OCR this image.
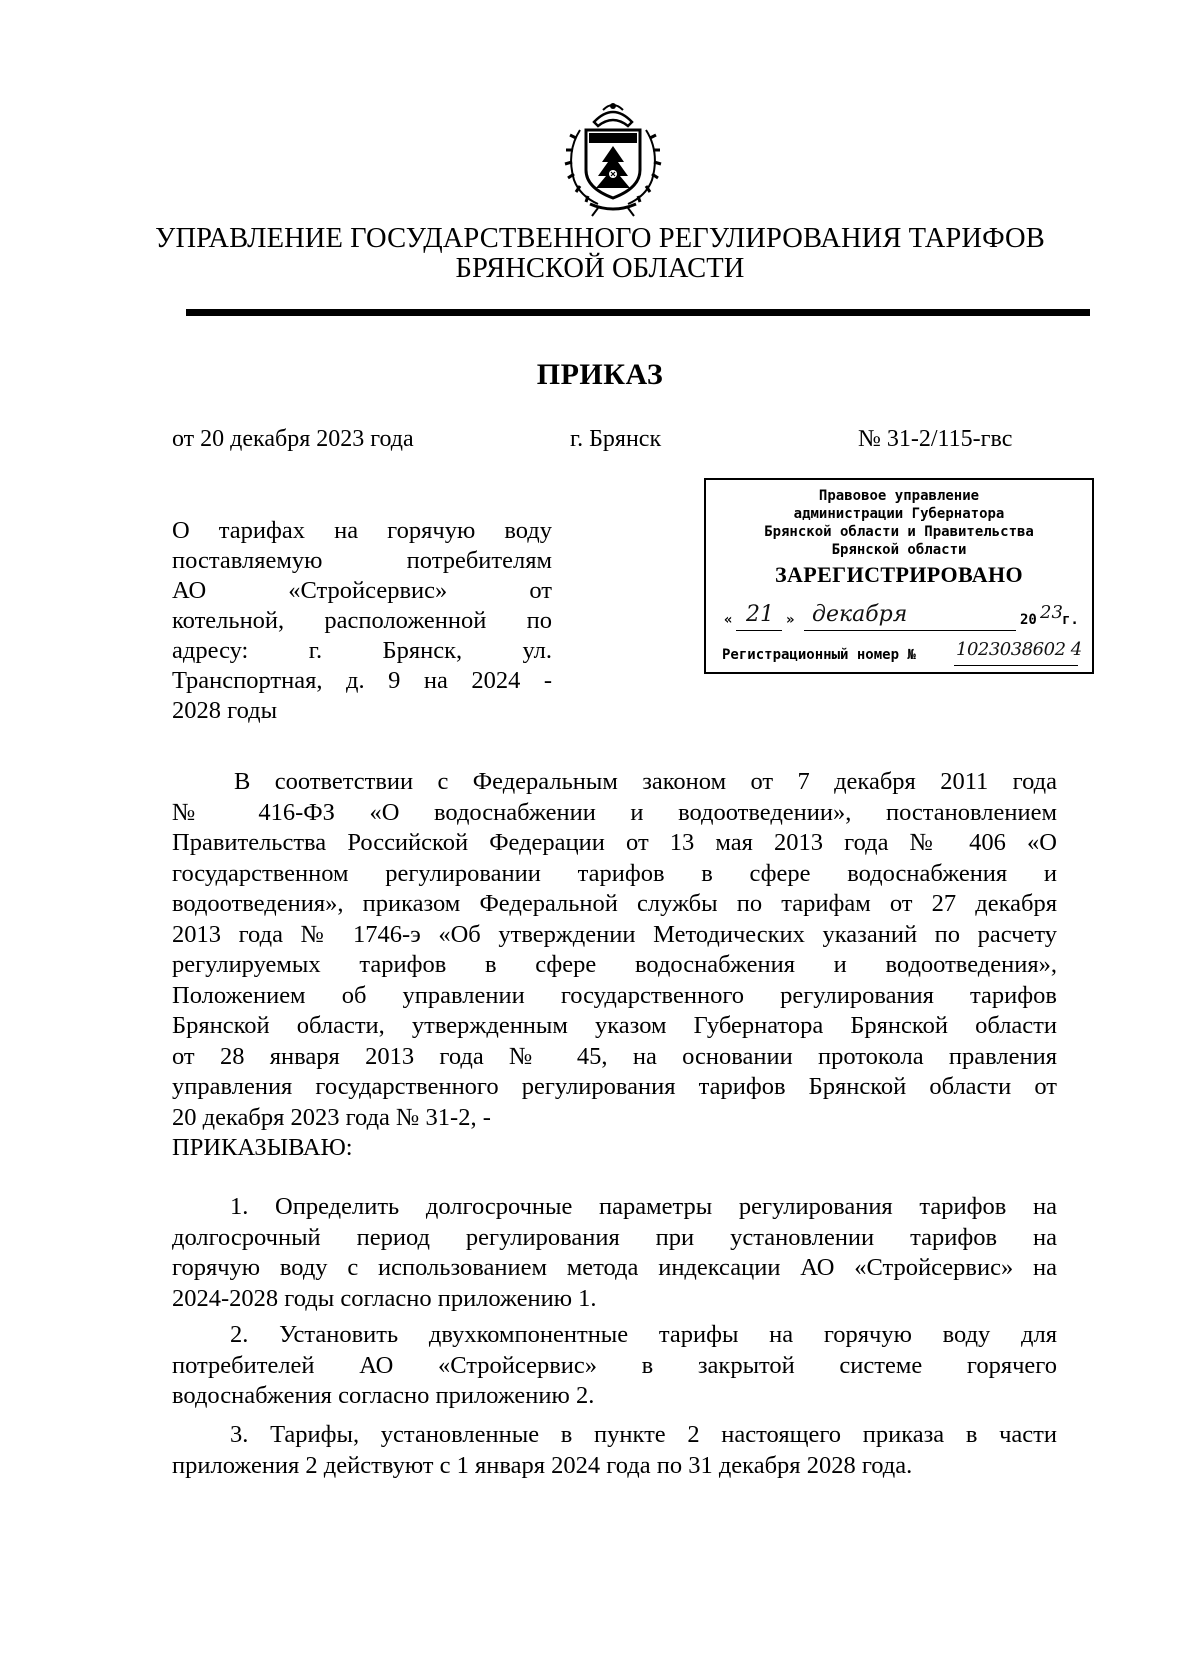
УПРАВЛЕНИЕ ГОСУДАРСТВЕННОГО РЕГУЛИРОВАНИЯ ТАРИФОВ
БРЯНСКОЙ ОБЛАСТИ
ПРИКАЗ
от 20 декабря 2023 года	г. Брянск	№ 31-2/115-гвс
О тарифах на горячую воду
поставляемую потребителям
АО «Стройсервис» от
котельной, расположенной по
адресу: г. Брянск, ул.
Транспортная, д. 9 на 2024 -
2028 годы
Правовое управление
администрации Губернатора
Брянской области и Правительства
Брянской области
ЗАРЕГИСТРИРОВАНО
« 21 » декабря	20 23 г.
Регистрационный номер № 1023038602 4
В соответствии с Федеральным законом от 7 декабря 2011 года
№ 416-ФЗ «О водоснабжении и водоотведении», постановлением
Правительства Российской Федерации от 13 мая 2013 года № 406 «О
государственном регулировании тарифов в сфере водоснабжения и
водоотведения», приказом Федеральной службы по тарифам от 27 декабря
2013 года № 1746-э «Об утверждении Методических указаний по расчету
регулируемых тарифов в сфере водоснабжения и водоотведения»,
Положением об управлении государственного регулирования тарифов
Брянской области, утвержденным указом Губернатора Брянской области
от 28 января 2013 года № 45, на основании протокола правления
управления государственного регулирования тарифов Брянской области от
20 декабря 2023 года № 31-2, -
ПРИКАЗЫВАЮ:
1. Определить долгосрочные параметры регулирования тарифов на
долгосрочный период регулирования при установлении тарифов на
горячую воду с использованием метода индексации АО «Стройсервис» на
2024-2028 годы согласно приложению 1.
2. Установить двухкомпонентные тарифы на горячую воду для
потребителей АО «Стройсервис» в закрытой системе горячего
водоснабжения согласно приложению 2.
3. Тарифы, установленные в пункте 2 настоящего приказа в части
приложения 2 действуют с 1 января 2024 года по 31 декабря 2028 года.
